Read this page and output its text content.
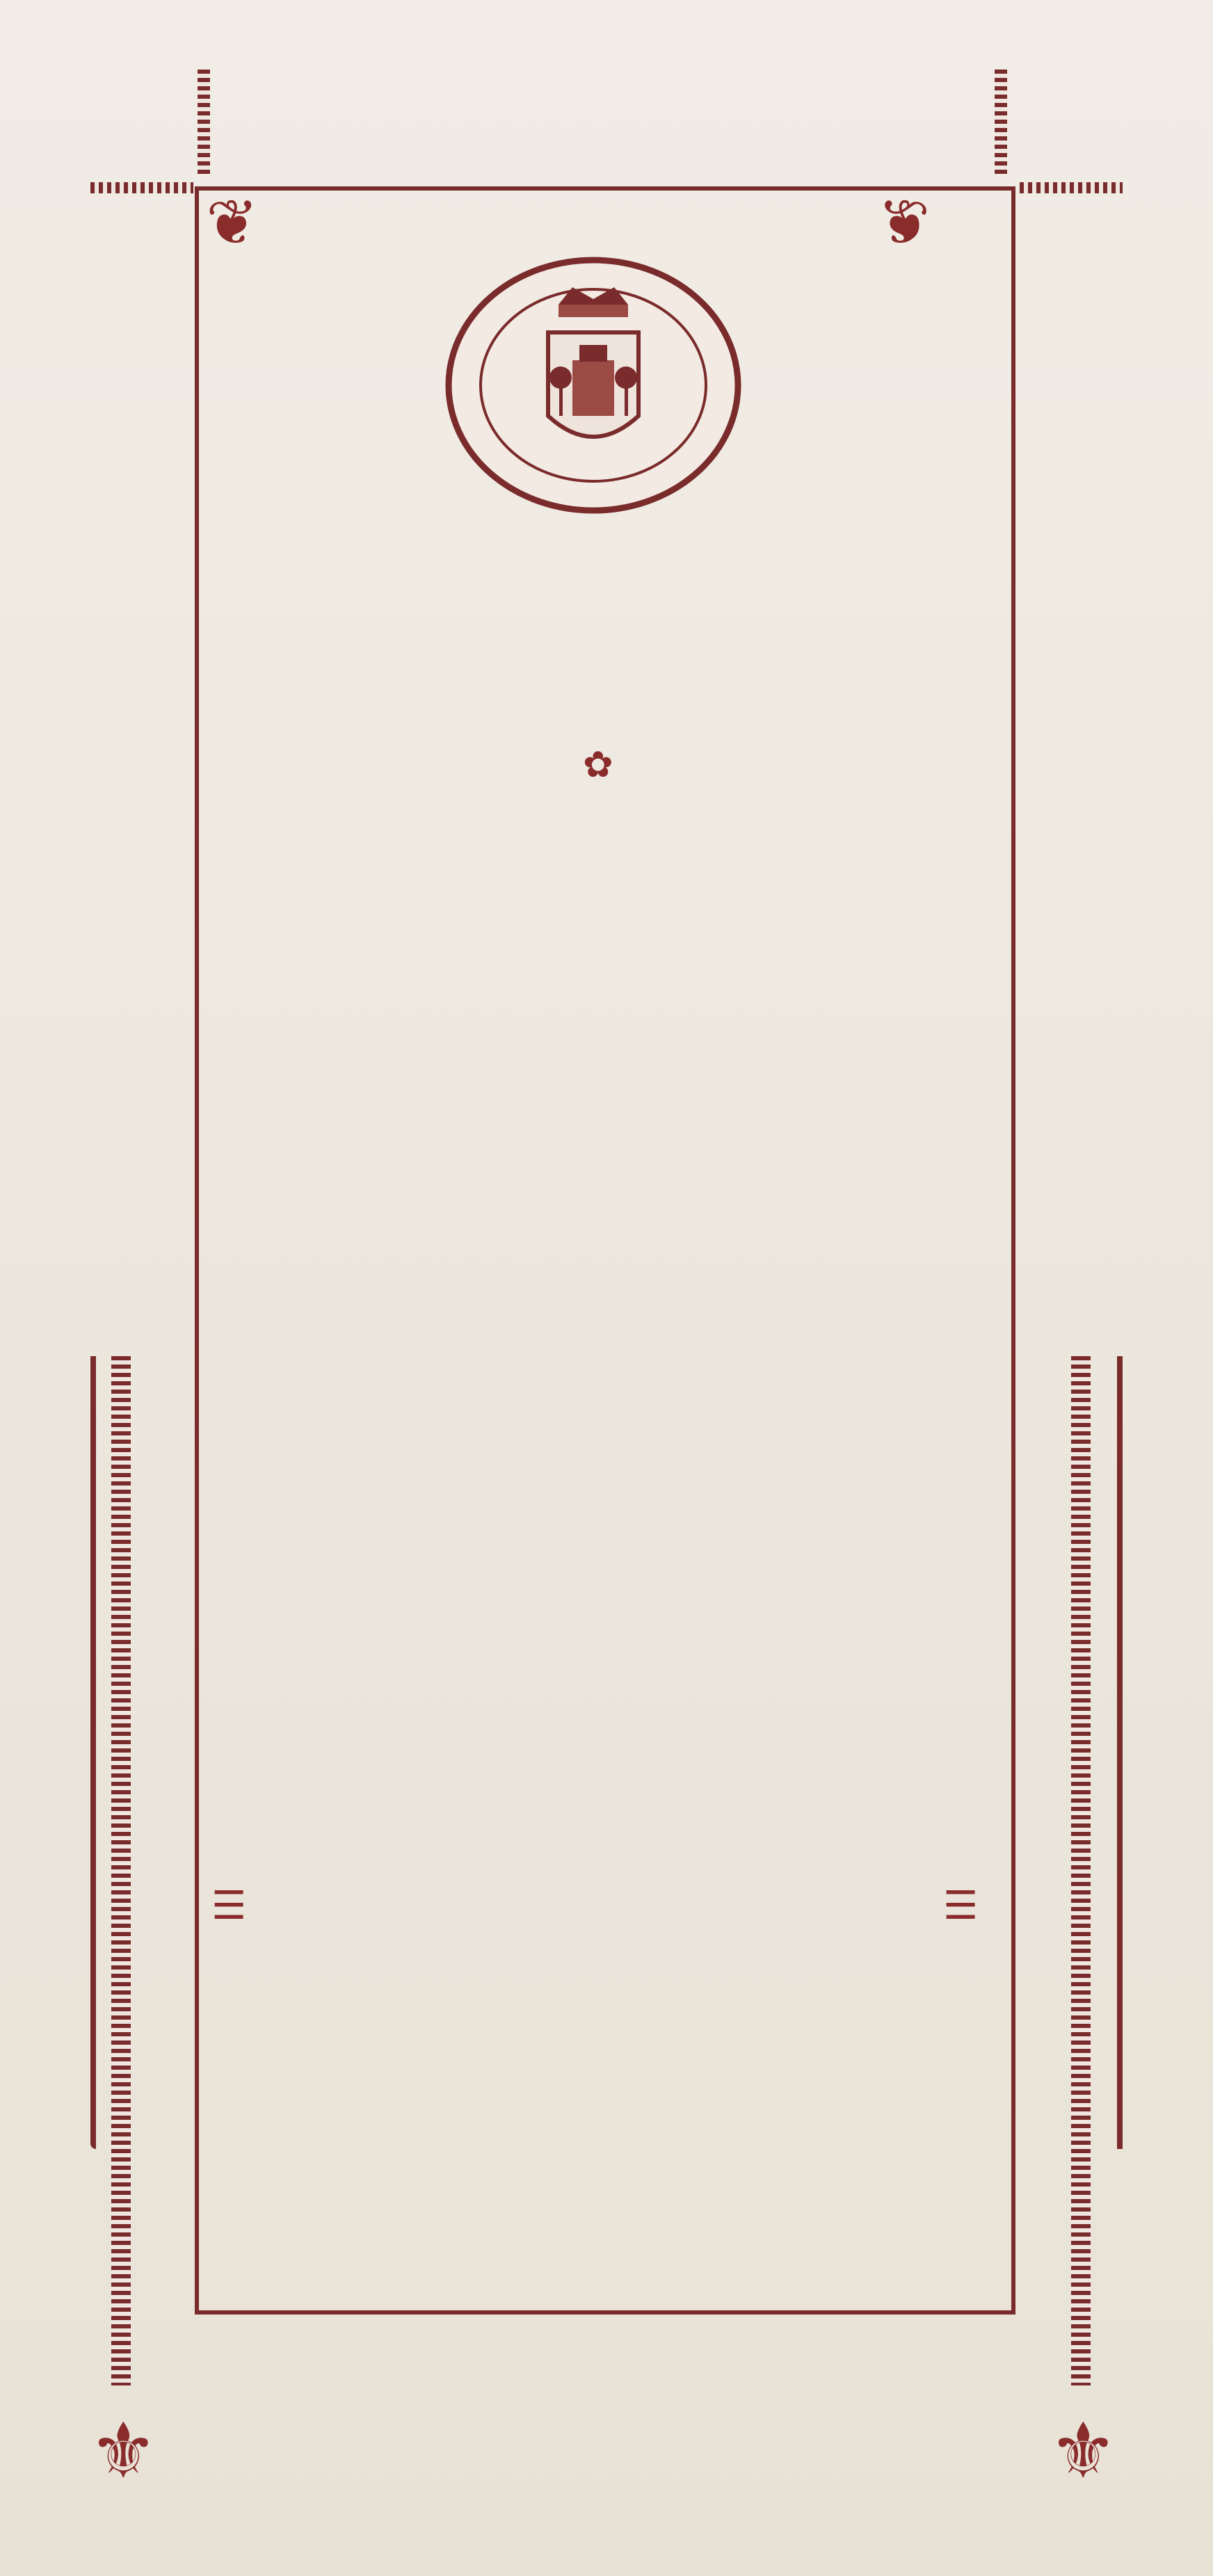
⚜	⚜
❦	❦
✿
☰	☰
